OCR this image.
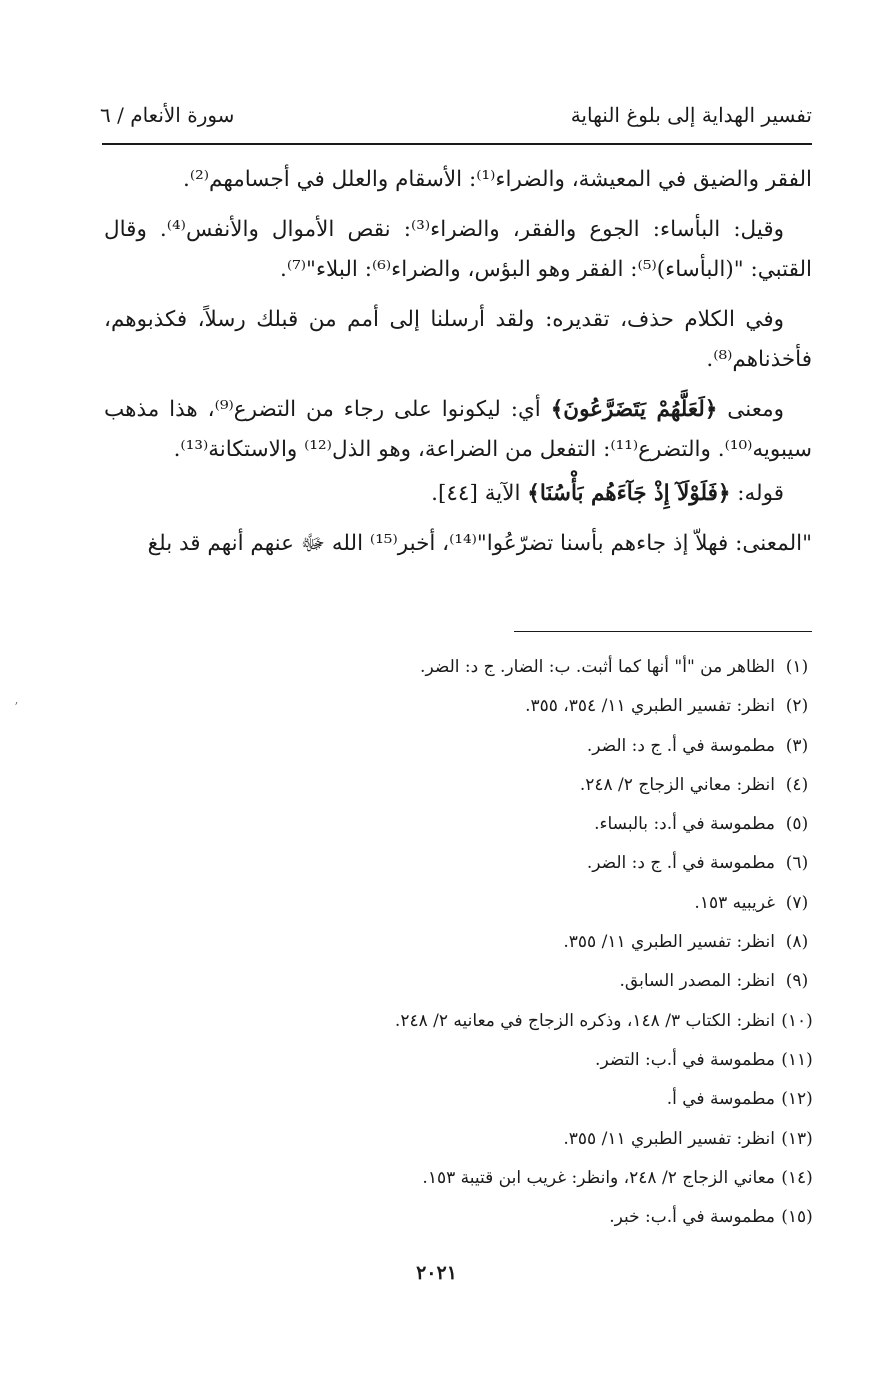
تفسير الهداية إلى بلوغ النهاية
سورة الأنعام / ٦

الفقر والضيق في المعيشة، والضراء⁽¹⁾: الأسقام والعلل في أجسامهم⁽²⁾.

وقيل: البأساء: الجوع والفقر، والضراء⁽³⁾: نقص الأموال والأنفس⁽⁴⁾. وقال القتبي: "(البأساء)⁽⁵⁾: الفقر وهو البؤس، والضراء⁽⁶⁾: البلاء"⁽⁷⁾.

وفي الكلام حذف، تقديره: ولقد أرسلنا إلى أمم من قبلك رسلاً، فكذبوهم، فأخذناهم⁽⁸⁾.

ومعنى ﴿لَعَلَّهُمْ يَتَضَرَّعُونَ﴾ أي: ليكونوا على رجاء من التضرع⁽⁹⁾، هذا مذهب سيبويه⁽¹⁰⁾. والتضرع⁽¹¹⁾: التفعل من الضراعة، وهو الذل⁽¹²⁾ والاستكانة⁽¹³⁾.

قوله: ﴿فَلَوْلَآ إِذْ جَآءَهُم بَأْسُنَا﴾ الآية [٤٤].

"المعنى: فهلاّ إذ جاءهم بأسنا تضرّعُوا"⁽¹⁴⁾، أخبر⁽¹⁵⁾ الله ﷻ عنهم أنهم قد بلغ

(١)
الظاهر من "أ" أنها كما أثبت. ب: الضار. ج د: الضر.
(٢)
انظر: تفسير الطبري ١١/ ٣٥٤، ٣٥٥.
(٣)
مطموسة في أ. ج د: الضر.
(٤)
انظر: معاني الزجاج ٢/ ٢٤٨.
(٥)
مطموسة في أ.د: بالبساء.
(٦)
مطموسة في أ. ج د: الضر.
(٧)
غريبيه ١٥٣.
(٨)
انظر: تفسير الطبري ١١/ ٣٥٥.
(٩)
انظر: المصدر السابق.
(١٠)
انظر: الكتاب ٣/ ١٤٨، وذكره الزجاج في معانيه ٢/ ٢٤٨.
(١١)
مطموسة في أ.ب: التضر.
(١٢)
مطموسة في أ.
(١٣)
انظر: تفسير الطبري ١١/ ٣٥٥.
(١٤)
معاني الزجاج ٢/ ٢٤٨، وانظر: غريب ابن قتيبة ١٥٣.
(١٥)
مطموسة في أ.ب: خبر.
٢٠٢١
ʼ
